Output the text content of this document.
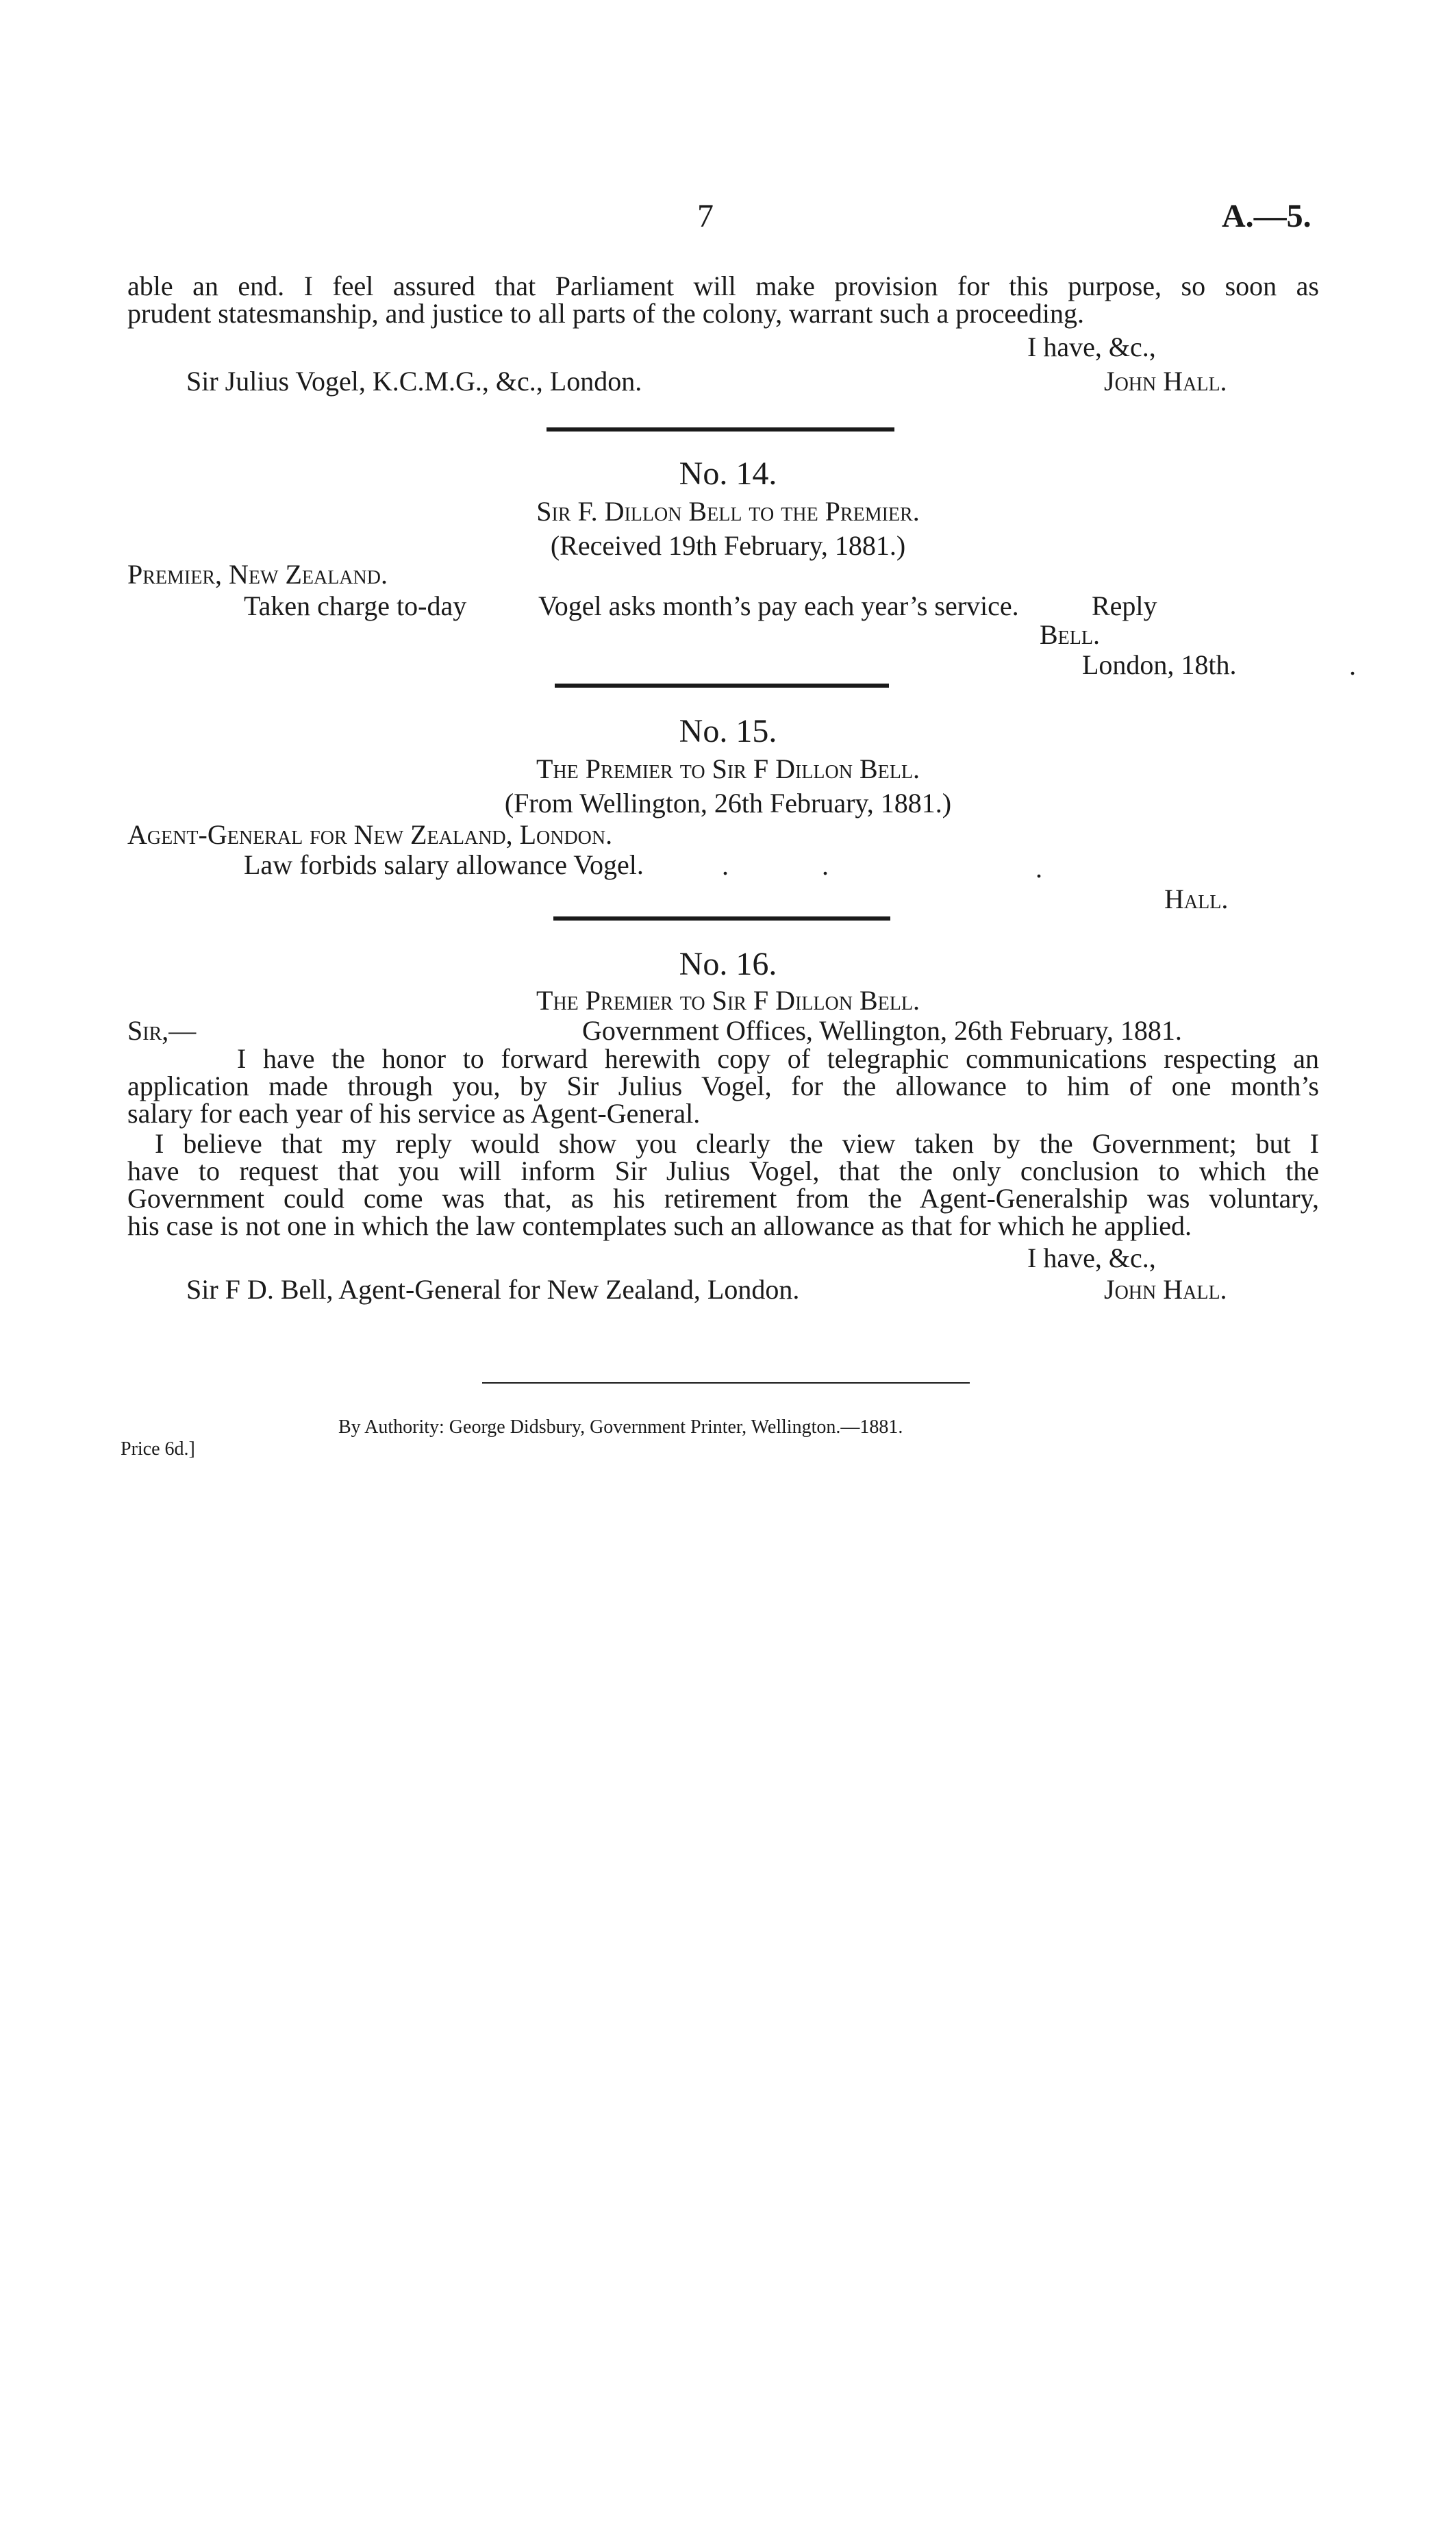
7	A.—5.
able an end. I feel assured that Parliament will make provision for this purpose, so soon as
prudent statesmanship, and justice to all parts of the colony, warrant such a proceeding.
I have, &c.,
Sir Julius Vogel, K.C.M.G., &c., London.	John Hall.
No. 14.
Sir F. Dillon Bell to the Premier.
(Received 19th February, 1881.)
Premier, New Zealand.
Taken charge to-day	Vogel asks month’s pay each year’s service.	Reply
Bell.
London, 18th.	.
No. 15.
The Premier to Sir F Dillon Bell.
(From Wellington, 26th February, 1881.)
Agent-General for New Zealand, London.
Law forbids salary allowance Vogel.	.	.	.
Hall.
No. 16.
The Premier to Sir F Dillon Bell.
Sir,—	Government Offices, Wellington, 26th February, 1881.
I have the honor to forward herewith copy of telegraphic communications respecting an
application made through you, by Sir Julius Vogel, for the allowance to him of one month’s
salary for each year of his service as Agent-General.
I believe that my reply would show you clearly the view taken by the Government; but I
have to request that you will inform Sir Julius Vogel, that the only conclusion to which the
Government could come was that, as his retirement from the Agent-Generalship was voluntary,
his case is not one in which the law contemplates such an allowance as that for which he applied.
I have, &c.,
Sir F D. Bell, Agent-General for New Zealand, London.	John Hall.
By Authority: George Didsbury, Government Printer, Wellington.—1881.
Price 6d.]
